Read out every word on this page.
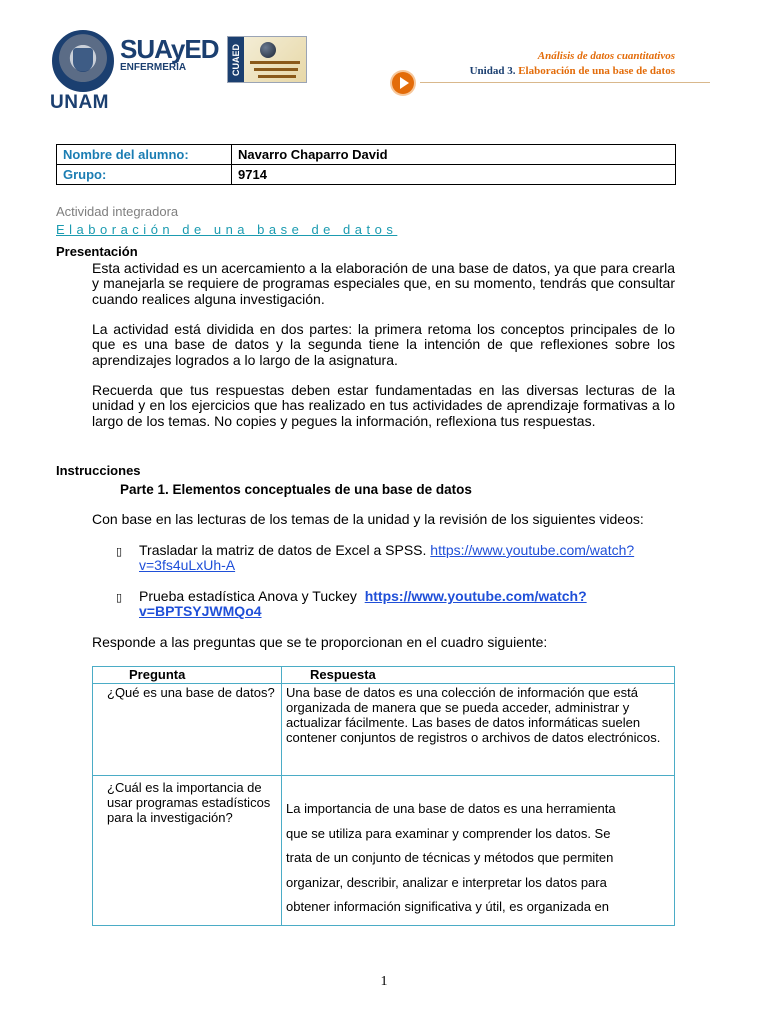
UNAM
SUAyED
ENFERMERÍA	CUAED	Análisis de datos cuantitativos
Unidad 3. Elaboración de una base de datos
Nombre del alumno:	Navarro Chaparro David
Grupo:	9714
Actividad integradora
Elaboración de una base de datos
Presentación
Esta actividad es un acercamiento a la elaboración de una base de datos, ya que para crearla y manejarla se requiere de programas especiales que, en su momento, tendrás que consultar cuando realices alguna investigación.
La actividad está dividida en dos partes: la primera retoma los conceptos principales de lo que es una base de datos y la segunda tiene la intención de que reflexiones sobre los aprendizajes logrados a lo largo de la asignatura.
Recuerda que tus respuestas deben estar fundamentadas en las diversas lecturas de la unidad y en los ejercicios que has realizado en tus actividades de aprendizaje formativas a lo largo de los temas. No copies y pegues la información, reflexiona tus respuestas.
Instrucciones
Parte 1. Elementos conceptuales de una base de datos
Con base en las lecturas de los temas de la unidad y la revisión de los siguientes videos:
▯ Trasladar la matriz de datos de Excel a SPSS. https://www.youtube.com/watch?
v=3fs4uLxUh-A
▯ Prueba estadística Anova y Tuckey https://www.youtube.com/watch?
v=BPTSYJWMQo4
Responde a las preguntas que se te proporcionan en el cuadro siguiente:
Pregunta	Respuesta
¿Qué es una base de datos?	Una base de datos es una colección de información que está organizada de manera que se pueda acceder, administrar y actualizar fácilmente. Las bases de datos informáticas suelen contener conjuntos de registros o archivos de datos electrónicos.
¿Cuál es la importancia de usar programas estadísticos para la investigación?	La importancia de una base de datos es una herramienta
que se utiliza para examinar y comprender los datos. Se
trata de un conjunto de técnicas y métodos que permiten
organizar, describir, analizar e interpretar los datos para
obtener información significativa y útil, es organizada en
1
